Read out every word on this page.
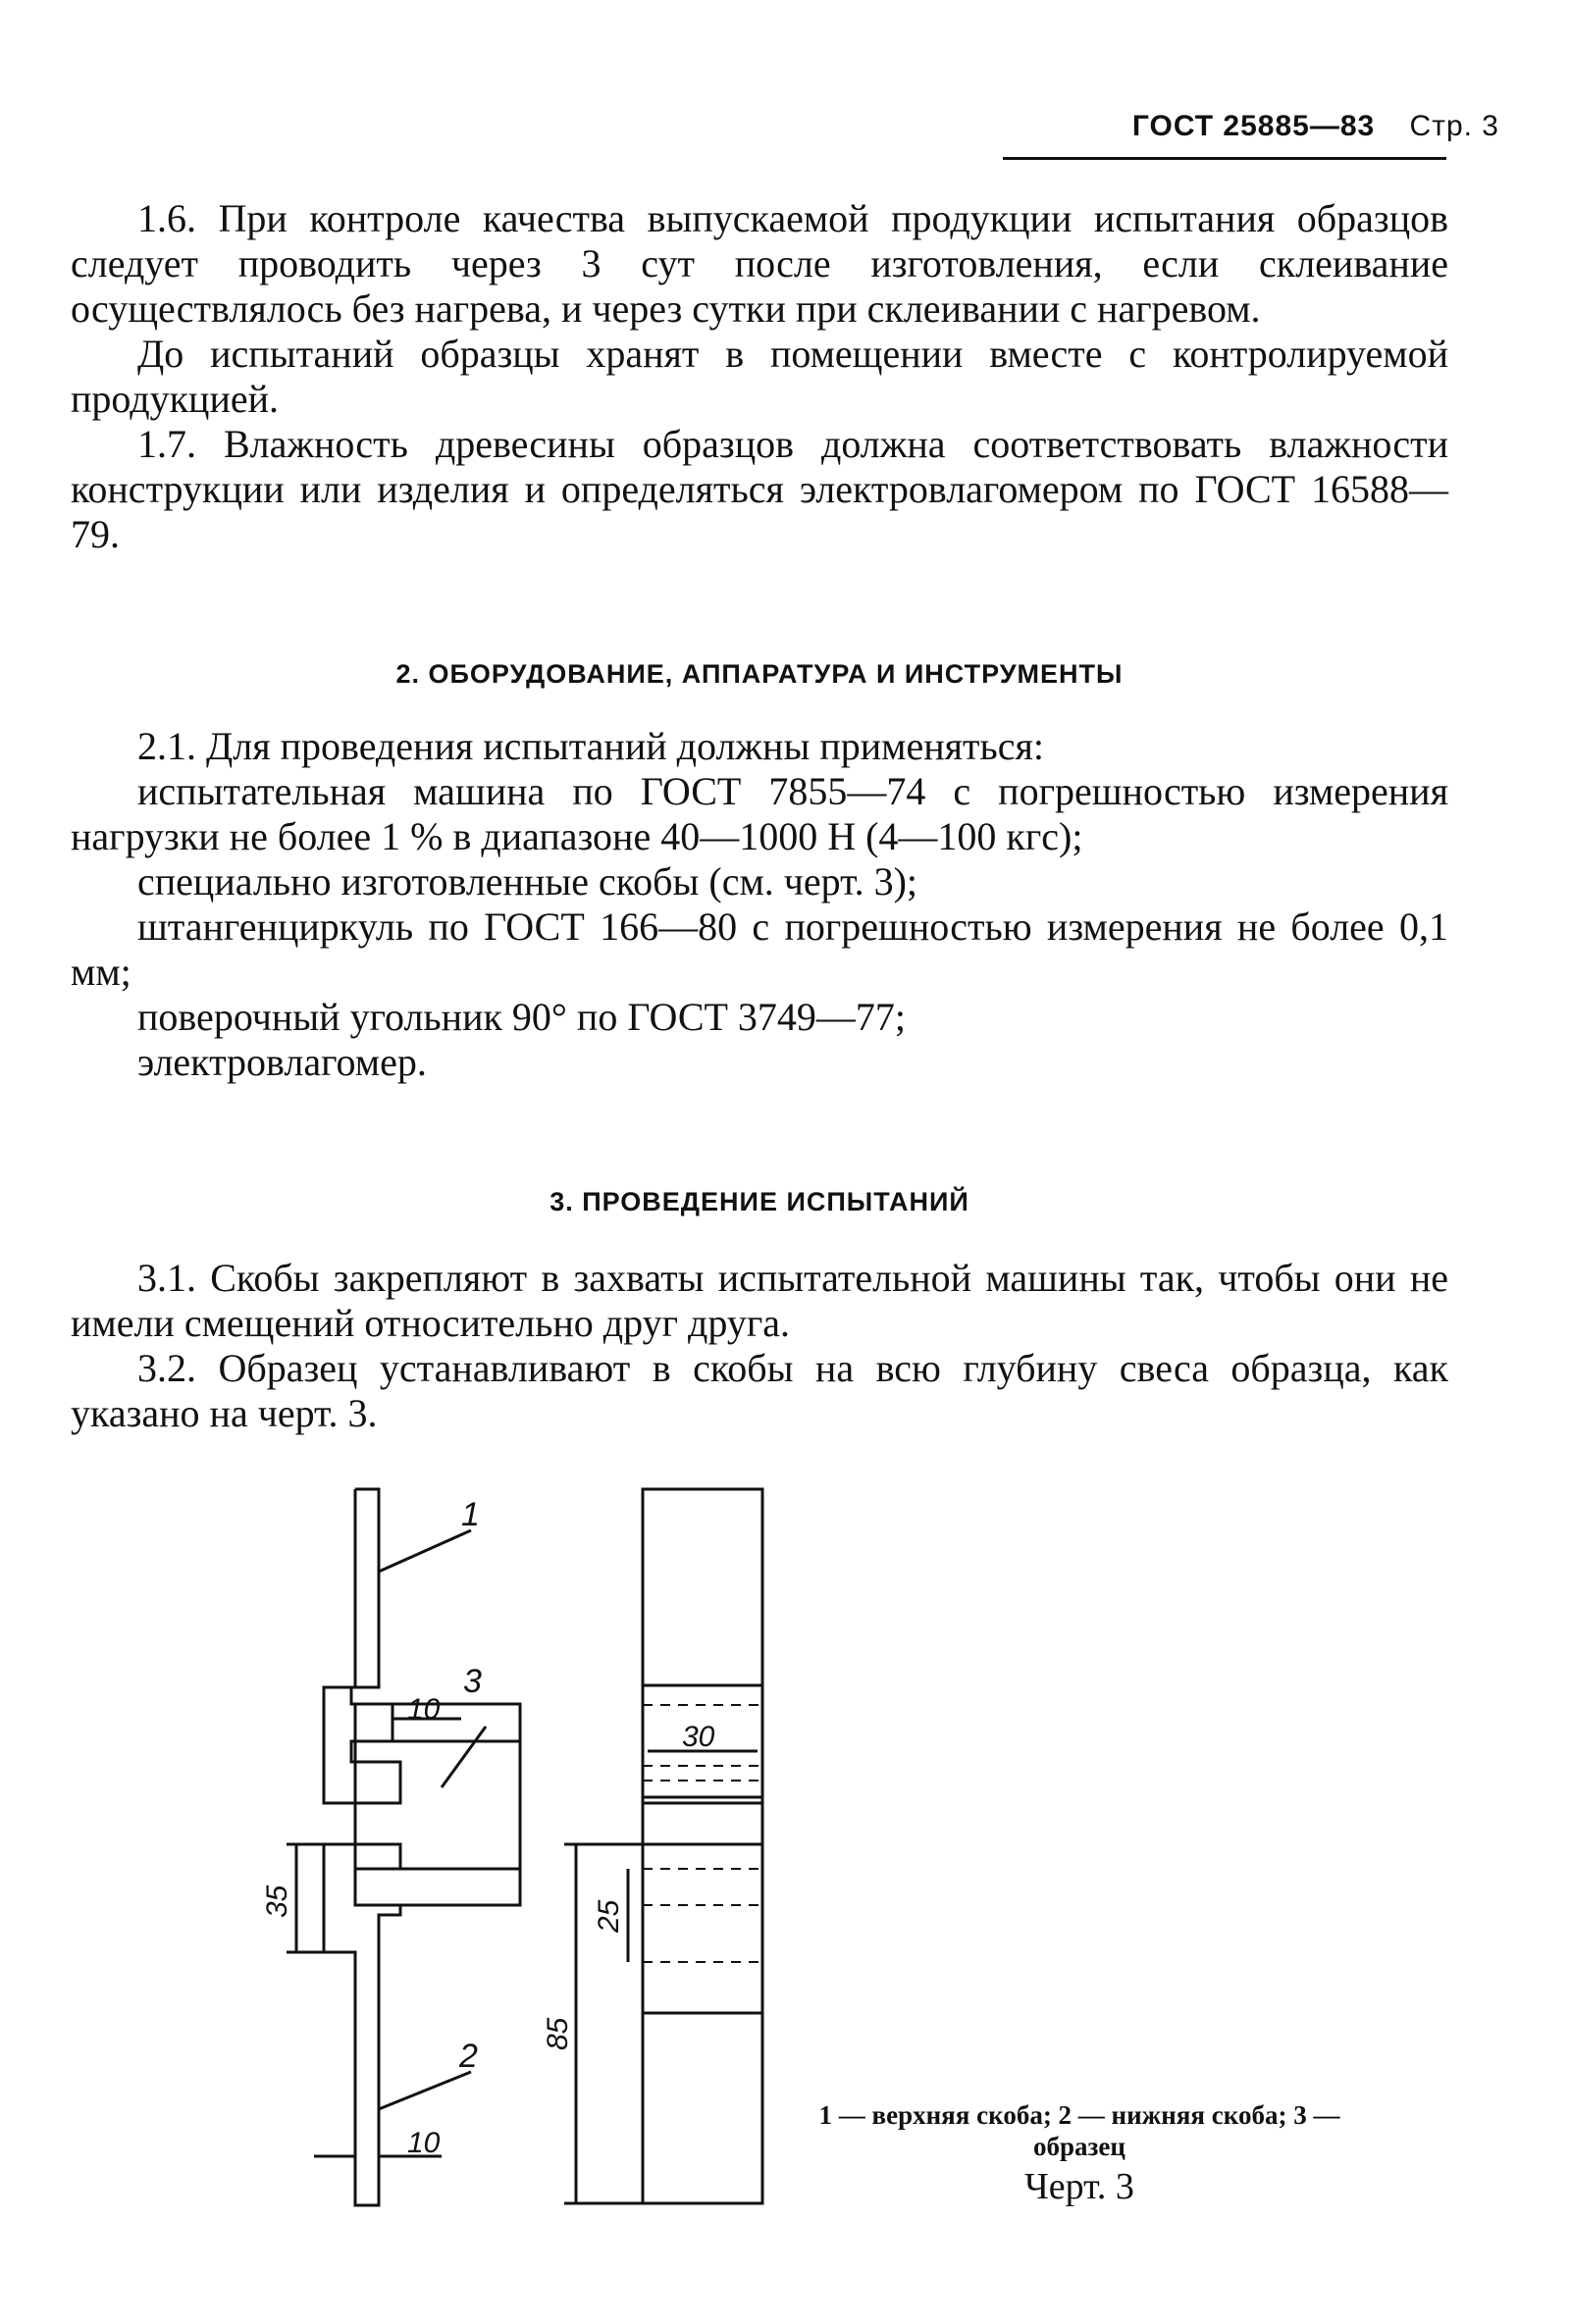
ГОСТ 25885—83 Стр. 3

1.6. При контроле качества выпускаемой продукции испытания образцов следует проводить через 3 сут после изготовления, если склеивание осуществлялось без нагрева, и через сутки при склеивании с нагревом.

До испытаний образцы хранят в помещении вместе с контролируемой продукцией.

1.7. Влажность древесины образцов должна соответствовать влажности конструкции или изделия и определяться электровлагомером по ГОСТ 16588—79.

2. ОБОРУДОВАНИЕ, АППАРАТУРА И ИНСТРУМЕНТЫ

2.1. Для проведения испытаний должны применяться:

испытательная машина по ГОСТ 7855—74 с погрешностью измерения нагрузки не более 1 % в диапазоне 40—1000 Н (4—100 кгс);

специально изготовленные скобы (см. черт. 3);

штангенциркуль по ГОСТ 166—80 с погрешностью измерения не более 0,1 мм;

поверочный угольник 90° по ГОСТ 3749—77;

электровлагомер.

3. ПРОВЕДЕНИЕ ИСПЫТАНИЙ

3.1. Скобы закрепляют в захваты испытательной машины так, чтобы они не имели смещений относительно друг друга.

3.2. Образец устанавливают в скобы на всю глубину свеса образца, как указано на черт. 3.

1
3
2
10
10
30
35	25
85
1 — верхняя скоба; 2 — нижняя скоба; 3 — образец
Черт. 3
